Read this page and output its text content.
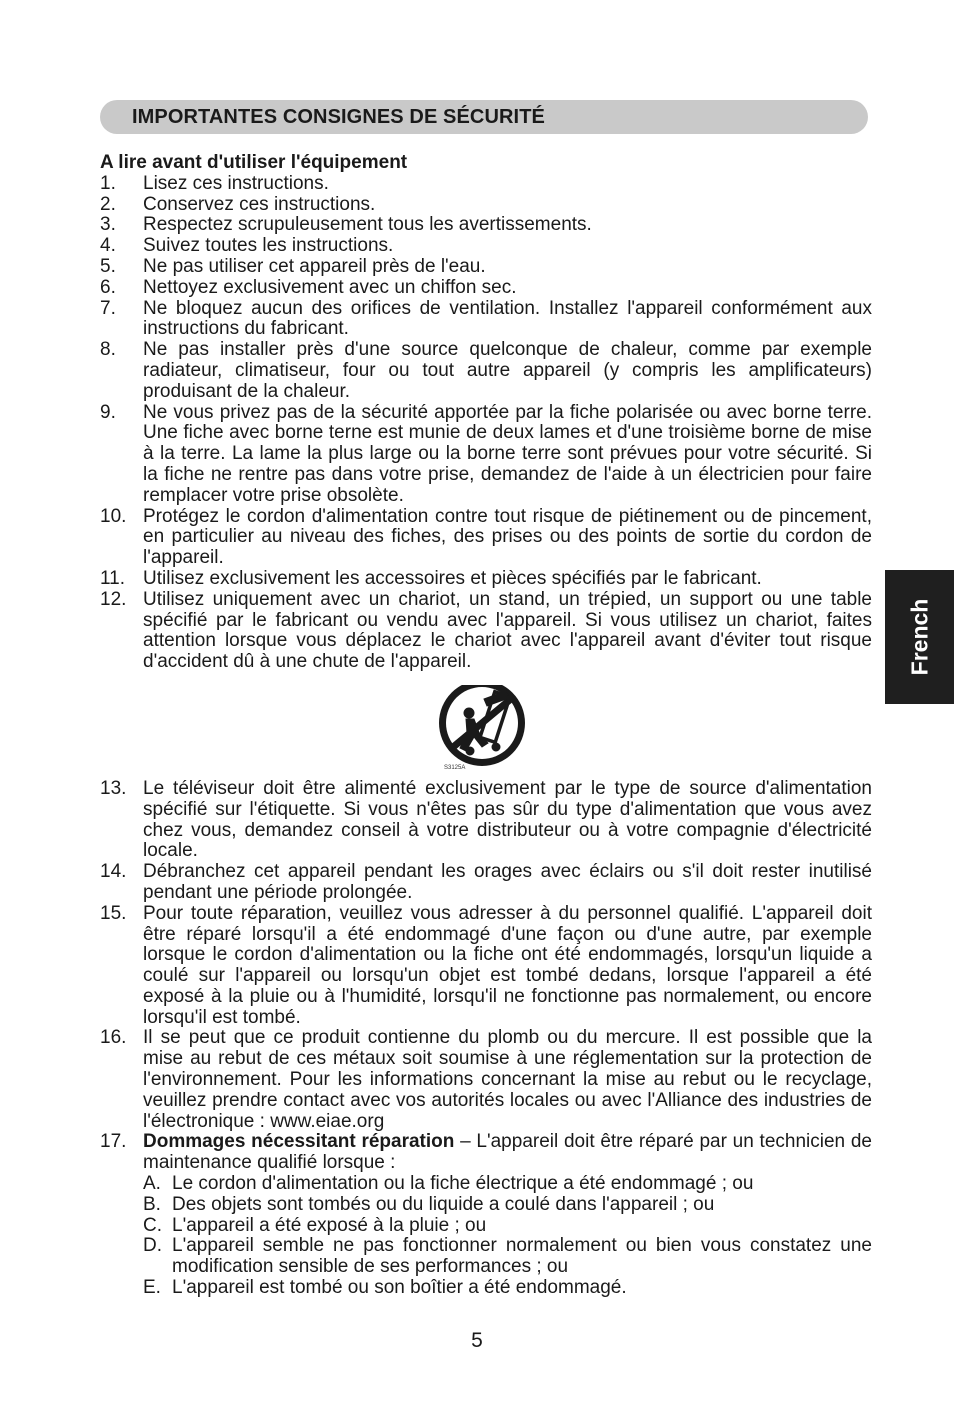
IMPORTANTES CONSIGNES DE SÉCURITÉ
French
A lire avant d'utiliser l'équipement
1.	Lisez ces instructions.
2.	Conservez ces instructions.
3.	Respectez scrupuleusement tous les avertissements.
4.	Suivez toutes les instructions.
5.	Ne pas utiliser cet appareil près de l'eau.
6.	Nettoyez exclusivement avec un chiffon sec.
7.	Ne bloquez aucun des orifices de ventilation. Installez l'appareil conformément aux instructions du fabricant.
8.	Ne pas installer près d'une source quelconque de chaleur, comme par exemple radiateur, climatiseur, four ou tout autre appareil (y compris les amplificateurs) produisant de la chaleur.
9.	Ne vous privez pas de la sécurité apportée par la fiche polarisée ou avec borne terre. Une fiche avec borne terne est munie de deux lames et d'une troisième borne de mise à la terre. La lame la plus large ou la borne terre sont prévues pour votre sécurité. Si la fiche ne rentre pas dans votre prise, demandez de l'aide à un électricien pour faire remplacer votre prise obsolète.
10. Protégez le cordon d'alimentation contre tout risque de piétinement ou de pincement, en particulier au niveau des fiches, des prises ou des points de sortie du cordon de l'appareil.
11. Utilisez exclusivement les accessoires et pièces spécifiés par le fabricant.
12. Utilisez uniquement avec un chariot, un stand, un trépied, un support ou une table spécifié par le fabricant ou vendu avec l'appareil. Si vous utilisez un chariot, faites attention lorsque vous déplacez le chariot avec l'appareil avant d'éviter tout risque d'accident dû à une chute de l'appareil.
S3125A
13. Le téléviseur doit être alimenté exclusivement par le type de source d'alimentation spécifié sur l'étiquette. Si vous n'êtes pas sûr du type d'alimentation que vous avez chez vous, demandez conseil à votre distributeur ou à votre compagnie d'électricité locale.
14. Débranchez cet appareil pendant les orages avec éclairs ou s'il doit rester inutilisé pendant une période prolongée.
15. Pour toute réparation, veuillez vous adresser à du personnel qualifié. L'appareil doit être réparé lorsqu'il a été endommagé d'une façon ou d'une autre, par exemple lorsque le cordon d'alimentation ou la fiche ont été endommagés, lorsqu'un liquide a coulé sur l'appareil ou lorsqu'un objet est tombé dedans, lorsque l'appareil a été exposé à la pluie ou à l'humidité, lorsqu'il ne fonctionne pas normalement, ou encore lorsqu'il est tombé.
16. Il se peut que ce produit contienne du plomb ou du mercure. Il est possible que la mise au rebut de ces métaux soit soumise à une réglementation sur la protection de l'environnement. Pour les informations concernant la mise au rebut ou le recyclage, veuillez prendre contact avec vos autorités locales ou avec l'Alliance des industries de l'électronique : www.eiae.org
17. Dommages nécessitant réparation – L'appareil doit être réparé par un technicien de maintenance qualifié lorsque :
A. Le cordon d'alimentation ou la fiche électrique a été endommagé ; ou
B. Des objets sont tombés ou du liquide a coulé dans l'appareil ; ou
C. L'appareil a été exposé à la pluie ; ou
D. L'appareil semble ne pas fonctionner normalement ou bien vous constatez une modification sensible de ses performances ; ou
E. L'appareil est tombé ou son boîtier a été endommagé.
5
